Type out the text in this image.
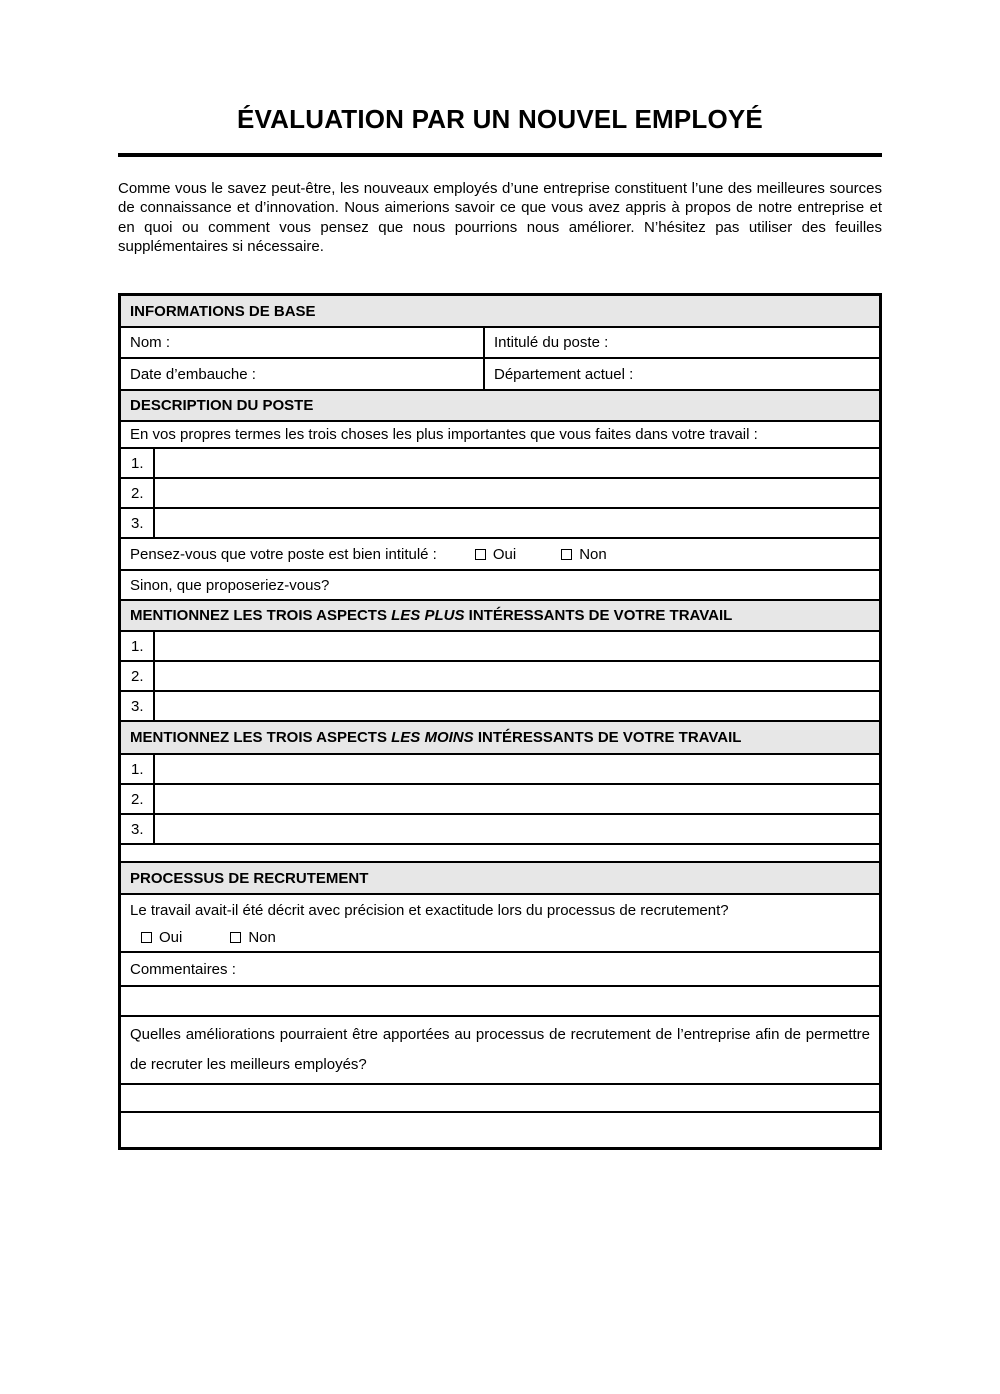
ÉVALUATION PAR UN NOUVEL EMPLOYÉ

Comme vous le savez peut-être, les nouveaux employés d’une entreprise constituent l’une des meilleures sources de connaissance et d’innovation. Nous aimerions savoir ce que vous avez appris à propos de notre entreprise et en quoi ou comment vous pensez que nous pourrions nous améliorer. N’hésitez pas utiliser des feuilles supplémentaires si nécessaire.

INFORMATIONS DE BASE
Nom :	Intitulé du poste :
Date d’embauche :	Département actuel :
DESCRIPTION DU POSTE
En vos propres termes les trois choses les plus importantes que vous faites dans votre travail :
1.
2.
3.
Pensez-vous que votre poste est bien intitulé :	Oui	Non
Sinon, que proposeriez-vous?
MENTIONNEZ LES TROIS ASPECTS LES PLUS INTÉRESSANTS DE VOTRE TRAVAIL
1.
2.
3.
MENTIONNEZ LES TROIS ASPECTS LES MOINS INTÉRESSANTS DE VOTRE TRAVAIL
1.
2.
3.
PROCESSUS DE RECRUTEMENT
Le travail avait-il été décrit avec précision et exactitude lors du processus de recrutement?
Oui	Non
Commentaires :
Quelles améliorations pourraient être apportées au processus de recrutement de l’entreprise afin de permettre de recruter les meilleurs employés?
